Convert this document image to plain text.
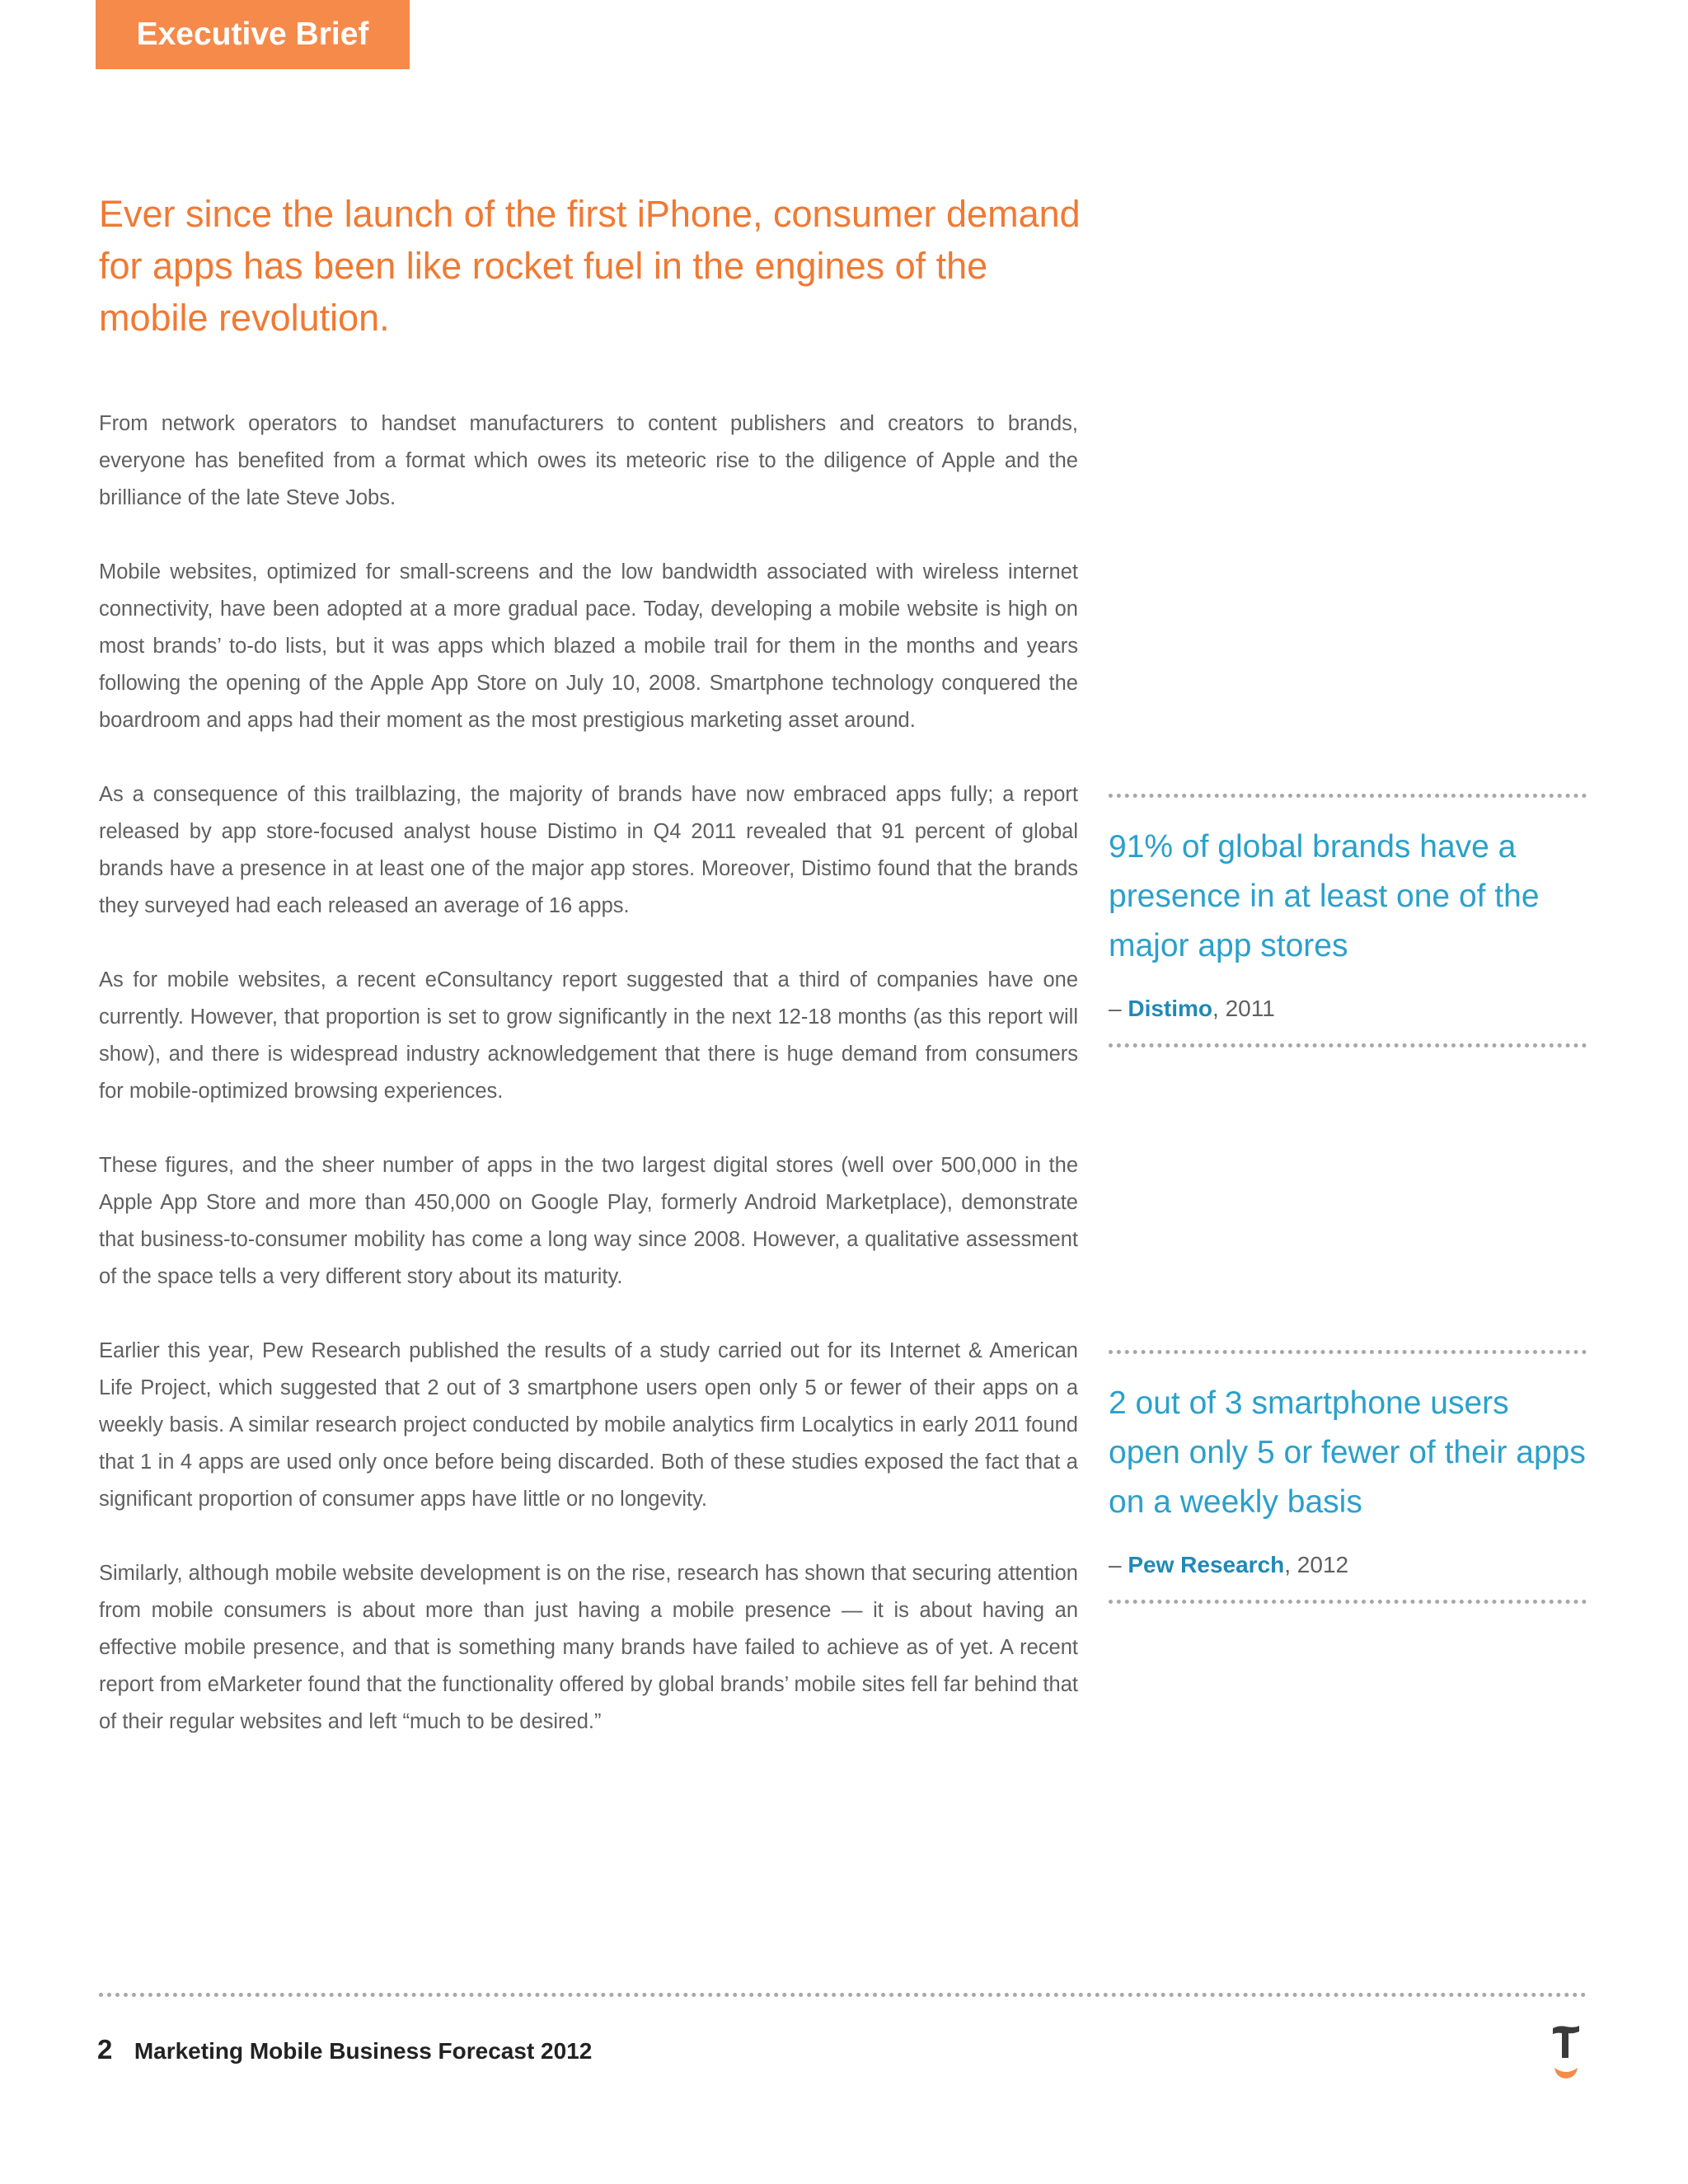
Executive Brief
Ever since the launch of the first iPhone, consumer demand for apps has been like rocket fuel in the engines of the mobile revolution.

From network operators to handset manufacturers to content publishers and creators to brands, everyone has benefited from a format which owes its meteoric rise to the diligence of Apple and the brilliance of the late Steve Jobs.

Mobile websites, optimized for small-screens and the low bandwidth associated with wireless internet connectivity, have been adopted at a more gradual pace. Today, developing a mobile website is high on most brands’ to-do lists, but it was apps which blazed a mobile trail for them in the months and years following the opening of the Apple App Store on July 10, 2008. Smartphone technology conquered the boardroom and apps had their moment as the most prestigious marketing asset around.

As a consequence of this trailblazing, the majority of brands have now embraced apps fully; a report released by app store-focused analyst house Distimo in Q4 2011 revealed that 91 percent of global brands have a presence in at least one of the major app stores. Moreover, Distimo found that the brands they surveyed had each released an average of 16 apps.

As for mobile websites, a recent eConsultancy report suggested that a third of companies have one currently. However, that proportion is set to grow significantly in the next 12-18 months (as this report will show), and there is widespread industry acknowledgement that there is huge demand from consumers for mobile-optimized browsing experiences.

These figures, and the sheer number of apps in the two largest digital stores (well over 500,000 in the Apple App Store and more than 450,000 on Google Play, formerly Android Marketplace), demonstrate that business-to-consumer mobility has come a long way since 2008. However, a qualitative assessment of the space tells a very different story about its maturity.

Earlier this year, Pew Research published the results of a study carried out for its Internet & American Life Project, which suggested that 2 out of 3 smartphone users open only 5 or fewer of their apps on a weekly basis. A similar research project conducted by mobile analytics firm Localytics in early 2011 found that 1 in 4 apps are used only once before being discarded. Both of these studies exposed the fact that a significant proportion of consumer apps have little or no longevity.

Similarly, although mobile website development is on the rise, research has shown that securing attention from mobile consumers is about more than just having a mobile presence — it is about having an effective mobile presence, and that is something many brands have failed to achieve as of yet. A recent report from eMarketer found that the functionality offered by global brands’ mobile sites fell far behind that of their regular websites and left “much to be desired.”

91% of global brands have a presence in at least one of the major app stores
– Distimo, 2011
2 out of 3 smartphone users open only 5 or fewer of their apps on a weekly basis
– Pew Research, 2012
2 Marketing Mobile Business Forecast 2012
